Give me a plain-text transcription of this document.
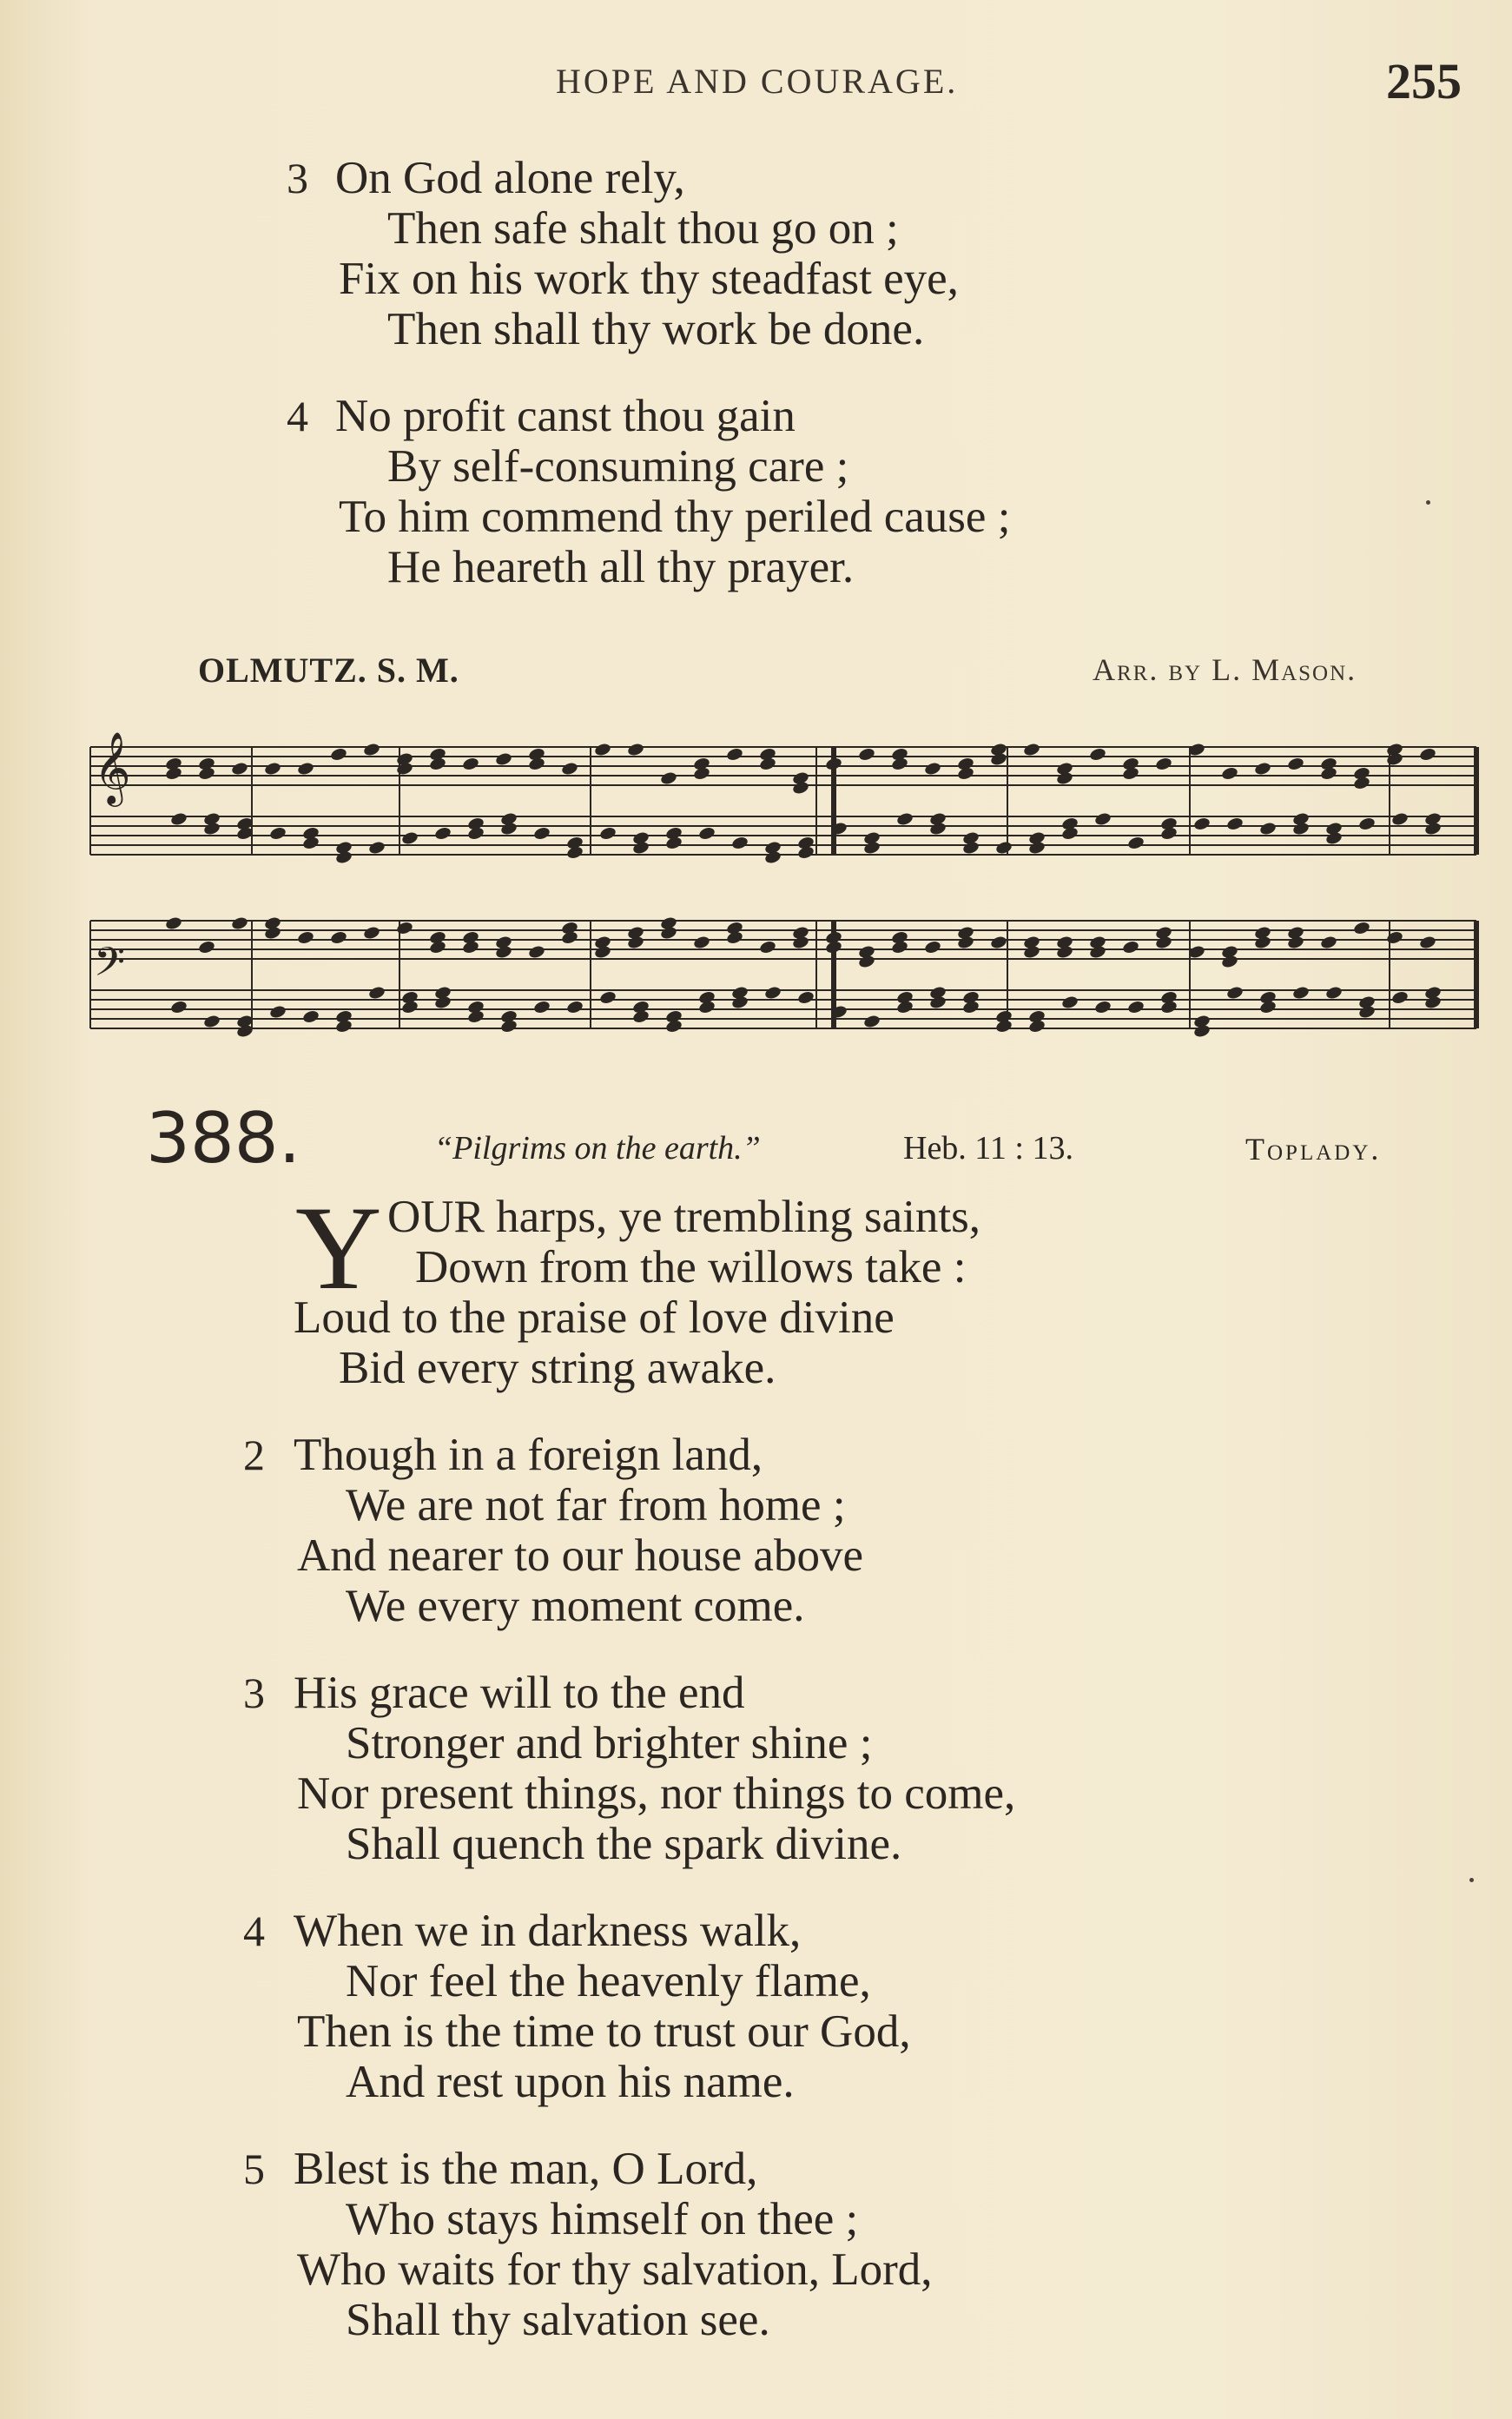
HOPE AND COURAGE.	255
3 On God alone rely,
Then safe shalt thou go on ;
Fix on his work thy steadfast eye,
Then shall thy work be done.
4 No profit canst thou gain
By self-consuming care ;
To him commend thy periled cause ;
He heareth all thy prayer.
OLMUTZ. S. M.	Arr. by L. Mason.
𝄞
𝄢
388.	“Pilgrims on the earth.”	Heb. 11 : 13.	Toplady.
Y OUR harps, ye trembling saints,
Down from the willows take :
Loud to the praise of love divine
Bid every string awake.
2 Though in a foreign land,
We are not far from home ;
And nearer to our house above
We every moment come.
3 His grace will to the end
Stronger and brighter shine ;
Nor present things, nor things to come,
Shall quench the spark divine.
4 When we in darkness walk,
Nor feel the heavenly flame,
Then is the time to trust our God,
And rest upon his name.
5 Blest is the man, O Lord,
Who stays himself on thee ;
Who waits for thy salvation, Lord,
Shall thy salvation see.
